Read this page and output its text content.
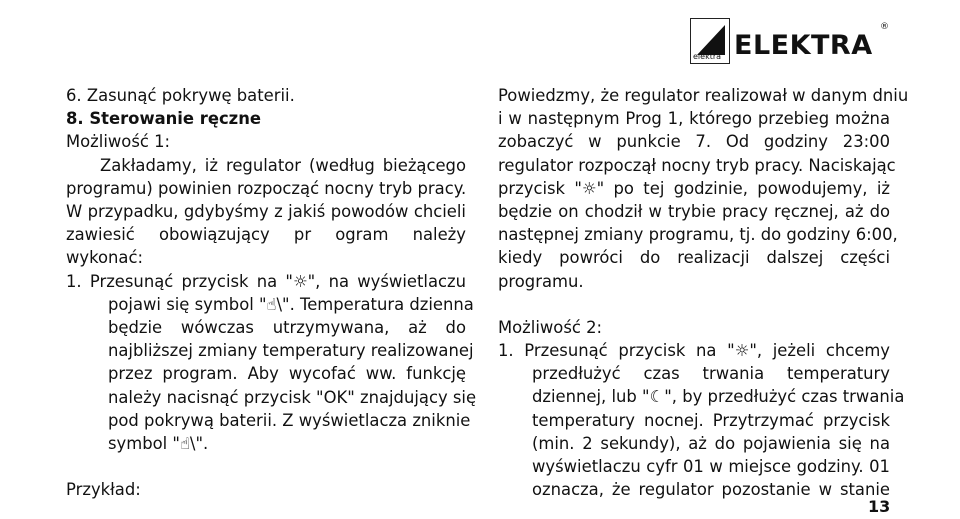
elektra ELEKTRA
®
6. Zasunąć pokrywę baterii.
8. Sterowanie ręczne
Możliwość 1:
Zakładamy, iż regulator (według bieżącego
programu) powinien rozpocząć nocny tryb pracy.
W przypadku, gdybyśmy z jakiś powodów chcieli
zawiesić obowiązujący pr ogram należy
wykonać:
1. Przesunąć przycisk na "☼", na wyświetlaczu
pojawi się symbol "☝\". Temperatura dzienna
będzie wówczas utrzymywana, aż do
najbliższej zmiany temperatury realizowanej
przez program. Aby wycofać ww. funkcję
należy nacisnąć przycisk "OK" znajdujący się
pod pokrywą baterii. Z wyświetlacza zniknie
symbol "☝\".
Przykład:
Powiedzmy, że regulator realizował w danym dniu
i w następnym Prog 1, którego przebieg można
zobaczyć w punkcie 7. Od godziny 23:00
regulator rozpoczął nocny tryb pracy. Naciskając
przycisk "☼" po tej godzinie, powodujemy, iż
będzie on chodził w trybie pracy ręcznej, aż do
następnej zmiany programu, tj. do godziny 6:00,
kiedy powróci do realizacji dalszej części
programu.
Możliwość 2:
1. Przesunąć przycisk na "☼", jeżeli chcemy
przedłużyć czas trwania temperatury
dziennej, lub "☾", by przedłużyć czas trwania
temperatury nocnej. Przytrzymać przycisk
(min. 2 sekundy), aż do pojawienia się na
wyświetlaczu cyfr 01 w miejsce godziny. 01
oznacza, że regulator pozostanie w stanie
13
